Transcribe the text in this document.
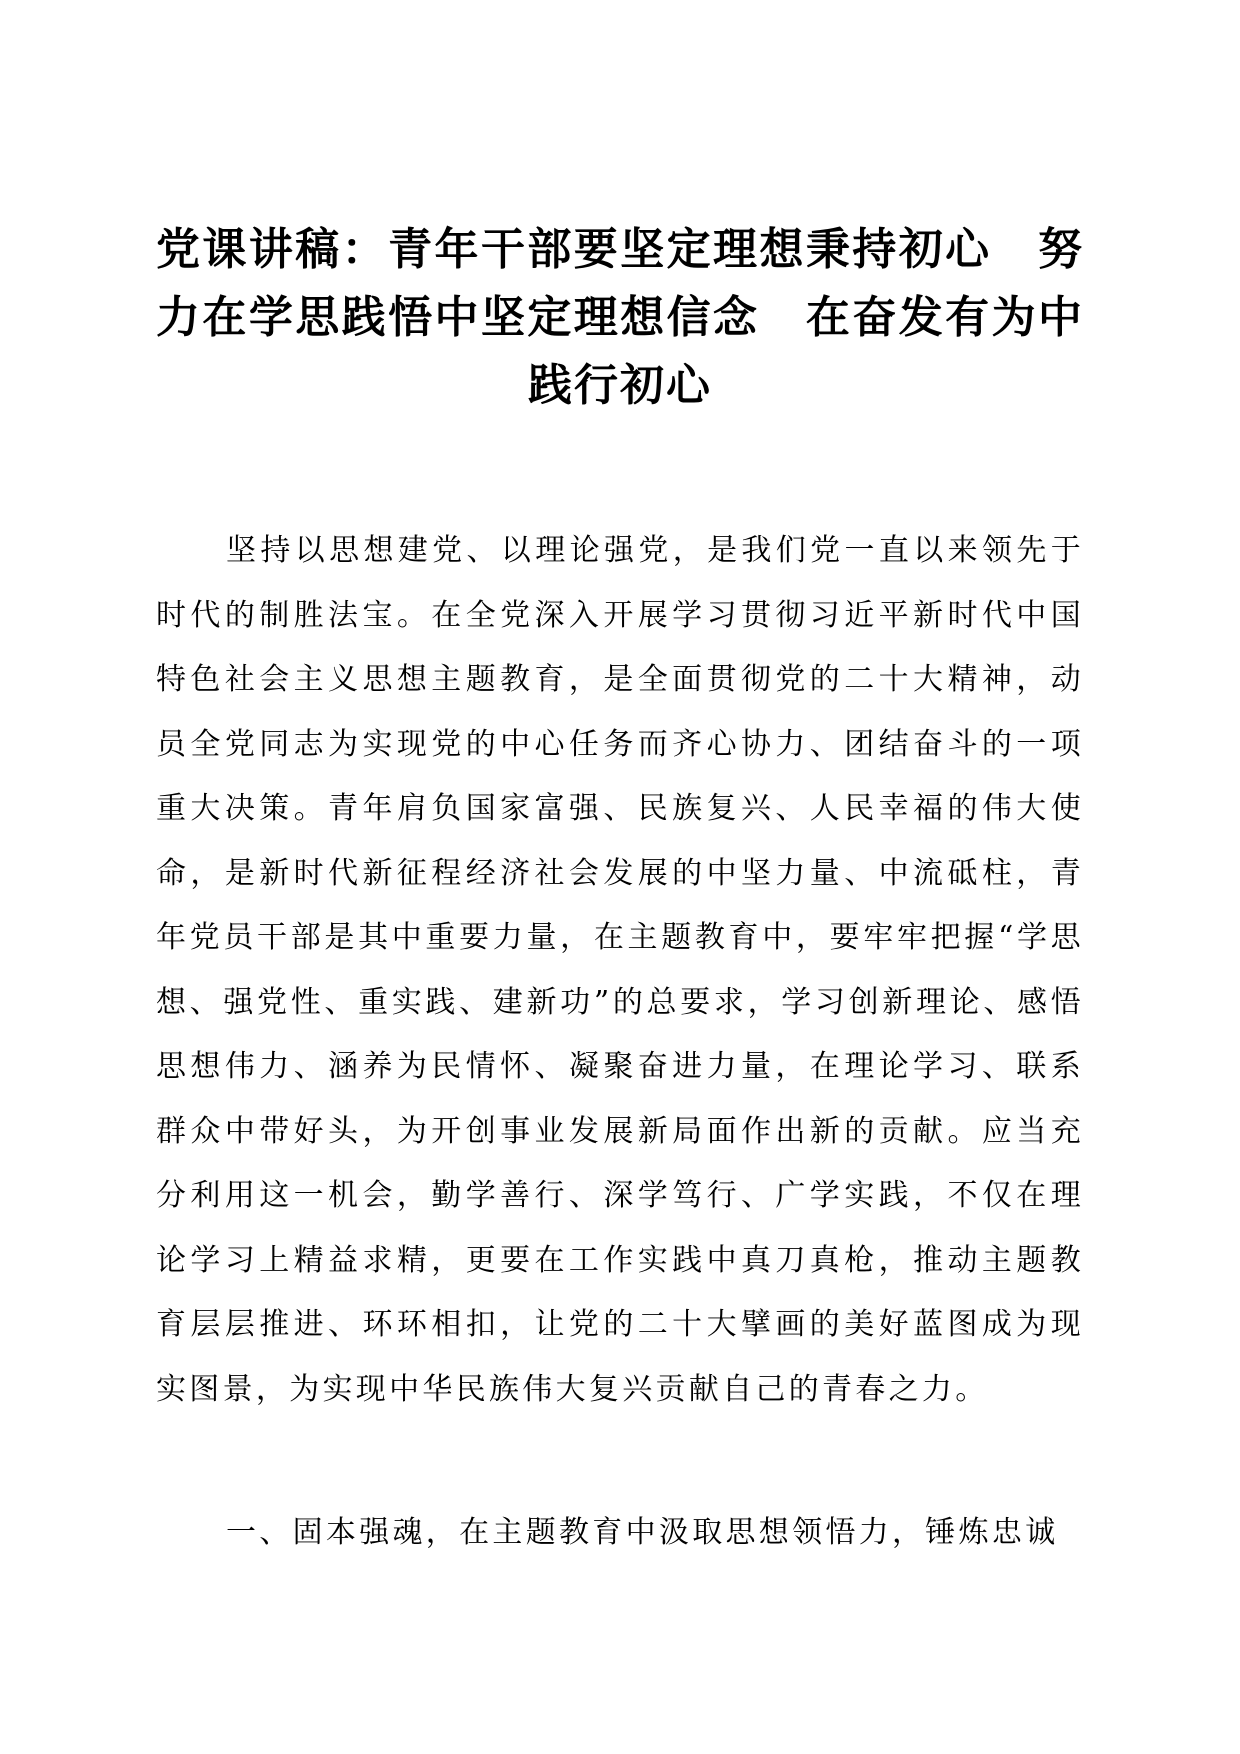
党课讲稿：青年干部要坚定理想秉持初心　努力在学思践悟中坚定理想信念　在奋发有为中践行初心

坚持以思想建党、以理论强党，是我们党一直以来领先于时代的制胜法宝。在全党深入开展学习贯彻习近平新时代中国特色社会主义思想主题教育，是全面贯彻党的二十大精神，动员全党同志为实现党的中心任务而齐心协力、团结奋斗的一项重大决策。青年肩负国家富强、民族复兴、人民幸福的伟大使命，是新时代新征程经济社会发展的中坚力量、中流砥柱，青年党员干部是其中重要力量，在主题教育中，要牢牢把握“学思想、强党性、重实践、建新功”的总要求，学习创新理论、感悟思想伟力、涵养为民情怀、凝聚奋进力量，在理论学习、联系群众中带好头，为开创事业发展新局面作出新的贡献。应当充分利用这一机会，勤学善行、深学笃行、广学实践，不仅在理论学习上精益求精，更要在工作实践中真刀真枪，推动主题教育层层推进、环环相扣，让党的二十大擘画的美好蓝图成为现实图景，为实现中华民族伟大复兴贡献自己的青春之力。

一、固本强魂，在主题教育中汲取思想领悟力，锤炼忠诚
